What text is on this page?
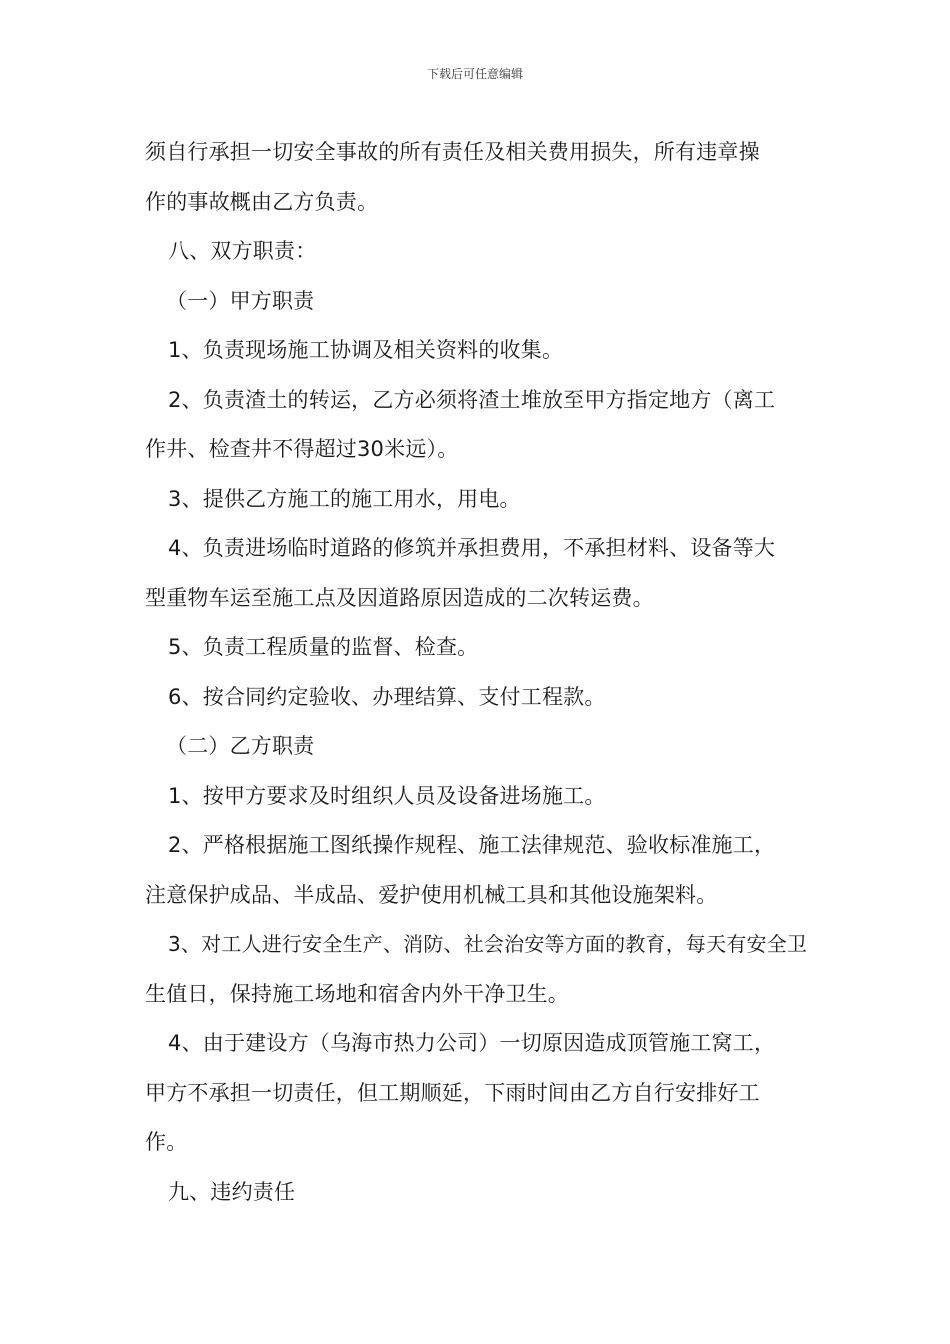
下载后可任意编辑

须自行承担一切安全事故的所有责任及相关费用损失，所有违章操

作的事故概由乙方负责。

八、双方职责：

（一）甲方职责

1、负责现场施工协调及相关资料的收集。

2、负责渣土的转运，乙方必须将渣土堆放至甲方指定地方（离工

作井、检查井不得超过30米远）。

3、提供乙方施工的施工用水，用电。

4、负责进场临时道路的修筑并承担费用，不承担材料、设备等大

型重物车运至施工点及因道路原因造成的二次转运费。

5、负责工程质量的监督、检查。

6、按合同约定验收、办理结算、支付工程款。

（二）乙方职责

1、按甲方要求及时组织人员及设备进场施工。

2、严格根据施工图纸操作规程、施工法律规范、验收标准施工，

注意保护成品、半成品、爱护使用机械工具和其他设施架料。

3、对工人进行安全生产、消防、社会治安等方面的教育，每天有安全卫

生值日，保持施工场地和宿舍内外干净卫生。

4、由于建设方（乌海市热力公司）一切原因造成顶管施工窝工，

甲方不承担一切责任，但工期顺延，下雨时间由乙方自行安排好工

作。

九、违约责任
